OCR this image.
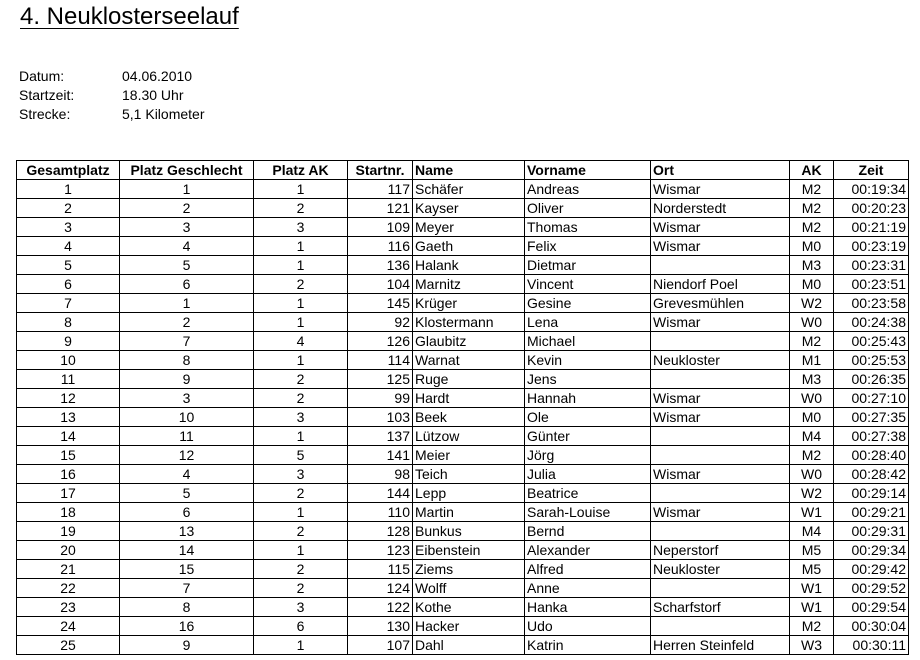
4. Neuklosterseelauf
Datum:	04.06.2010
Startzeit:	18.30 Uhr
Strecke:	5,1 Kilometer
Gesamtplatz	Platz Geschlecht	Platz AK	Startnr.	Name	Vorname	Ort	AK	Zeit
1	1	1	117	Schäfer	Andreas	Wismar	M2	00:19:34
2	2	2	121	Kayser	Oliver	Norderstedt	M2	00:20:23
3	3	3	109	Meyer	Thomas	Wismar	M2	00:21:19
4	4	1	116	Gaeth	Felix	Wismar	M0	00:23:19
5	5	1	136	Halank	Dietmar		M3	00:23:31
6	6	2	104	Marnitz	Vincent	Niendorf Poel	M0	00:23:51
7	1	1	145	Krüger	Gesine	Grevesmühlen	W2	00:23:58
8	2	1	92	Klostermann	Lena	Wismar	W0	00:24:38
9	7	4	126	Glaubitz	Michael		M2	00:25:43
10	8	1	114	Warnat	Kevin	Neukloster	M1	00:25:53
11	9	2	125	Ruge	Jens		M3	00:26:35
12	3	2	99	Hardt	Hannah	Wismar	W0	00:27:10
13	10	3	103	Beek	Ole	Wismar	M0	00:27:35
14	11	1	137	Lützow	Günter		M4	00:27:38
15	12	5	141	Meier	Jörg		M2	00:28:40
16	4	3	98	Teich	Julia	Wismar	W0	00:28:42
17	5	2	144	Lepp	Beatrice		W2	00:29:14
18	6	1	110	Martin	Sarah-Louise	Wismar	W1	00:29:21
19	13	2	128	Bunkus	Bernd		M4	00:29:31
20	14	1	123	Eibenstein	Alexander	Neperstorf	M5	00:29:34
21	15	2	115	Ziems	Alfred	Neukloster	M5	00:29:42
22	7	2	124	Wolff	Anne		W1	00:29:52
23	8	3	122	Kothe	Hanka	Scharfstorf	W1	00:29:54
24	16	6	130	Hacker	Udo		M2	00:30:04
25	9	1	107	Dahl	Katrin	Herren Steinfeld	W3	00:30:11
